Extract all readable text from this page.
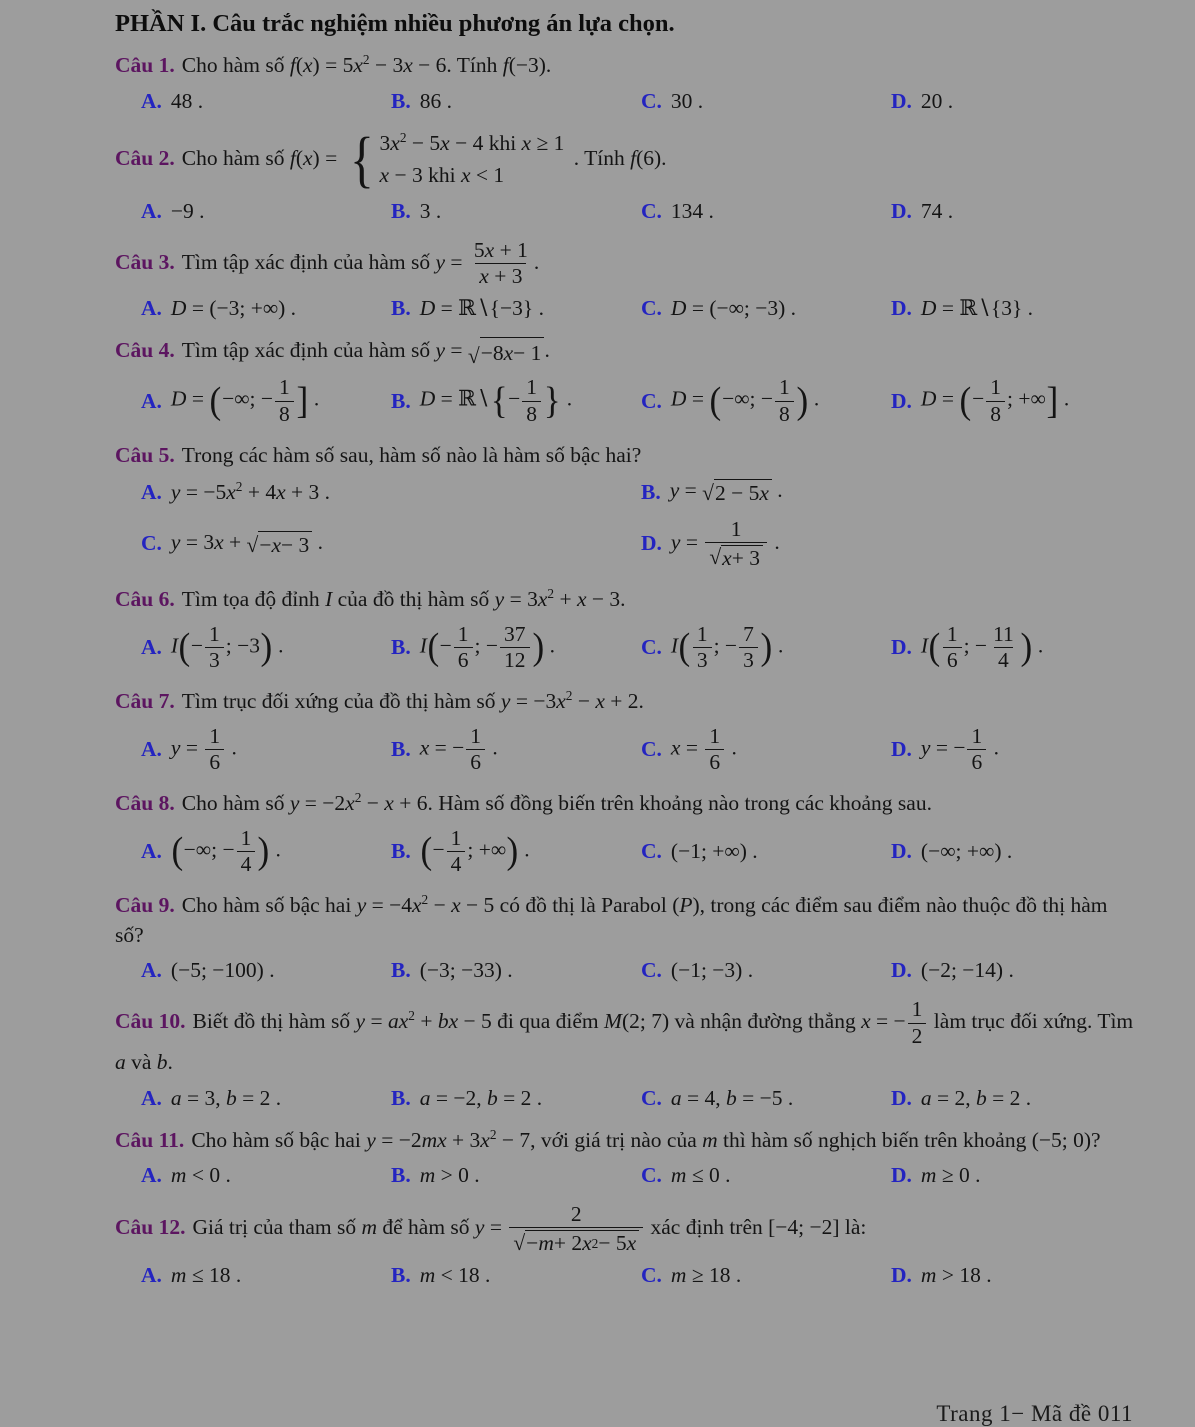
PHẦN I. Câu trắc nghiệm nhiều phương án lựa chọn.
Câu 1. Cho hàm số $f(x) = 5x^2 - 3x - 6$. Tính f(−3).
A. 48 .	B. 86 .	C. 30 .	D. 20 .
Câu 2. Cho hàm số f(x) = { $3x^2 - 5x - 4$ khi x ≥ 1
x − 3 khi x < 1
. Tính f(6).
A. −9 .	B. 3 .	C. 134 .	D. 74 .
Câu 3. Tìm tập xác định của hàm số $y = \frac{5x + 1}{x + 3}$ .
A. D = (−3; +∞) .	B. D = ℝ∖{−3} .	C. D = (−∞; −3) .	D. D = ℝ∖{3} .
Câu 4. Tìm tập xác định của hàm số y = √ −8 x − 1 .
A. D = (−∞; − $\frac{1}{8}$ ] .	B. D = ℝ∖{− $\frac{1}{8}$ } .	C. D = (−∞; − $\frac{1}{8}$ ) .	D. D = (− $\frac{1}{8}$ ; +∞] .
Câu 5. Trong các hàm số sau, hàm số nào là hàm số bậc hai?
A. $y = -5x^2 + 4x + 3$ .	B. y = √ 2 − 5 x .
C. y = 3x + √ − x − 3 .	D. $y = \frac{1}{√ x + 3}$ .
Câu 6. Tìm tọa độ đỉnh I của đồ thị hàm số $y = 3x^2 + x - 3$.
A. $I(- \frac{1}{3}$ ; −3) .	B. $I(- \frac{1}{6}$ ; − $\frac{37}{12}$ ) .	C. $I( \frac{1}{3}$ ; − $\frac{7}{3}$ ) .	D. $I( \frac{1}{6}$ ; − $\frac{11}{4}$ ) .
Câu 7. Tìm trục đối xứng của đồ thị hàm số $y = -3x^2 - x + 2$.
A. $y = \frac{1}{6}$ .	B. x = − $\frac{1}{6}$ .	C. $x = \frac{1}{6}$ .	D. y = − $\frac{1}{6}$ .
Câu 8. Cho hàm số $y = -2x^2 - x + 6$. Hàm số đồng biến trên khoảng nào trong các khoảng sau.
A. (−∞; − $\frac{1}{4}$ ) .	B. (− $\frac{1}{4}$ ; +∞) .	C. (−1; +∞) .	D. (−∞; +∞) .
Câu 9. Cho hàm số bậc hai $y = -4x^2 - x - 5$ có đồ thị là Parabol (P), trong các điểm sau điểm nào thuộc đồ thị hàm số?
A. (−5; −100) .	B. (−3; −33) .	C. (−1; −3) .	D. (−2; −14) .
Câu 10. Biết đồ thị hàm số $y = ax^2$ + bx − 5 đi qua điểm M(2; 7) và nhận đường thẳng x = − $\frac{1}{2}$ làm trục đối xứng. Tìm a và b.
A. a = 3, b = 2 .	B. a = −2, b = 2 .	C. a = 4, b = −5 .	D. a = 2, b = 2 .
Câu 11. Cho hàm số bậc hai $y = -2mx + 3x^2 - 7$, với giá trị nào của m thì hàm số nghịch biến trên khoảng (−5; 0)?
A. m < 0 .	B. m > 0 .	C. m ≤ 0 .	D. m ≥ 0 .
Câu 12. Giá trị của tham số m để hàm số $y = \frac{2}{√ - m + 2 x 2 - 5 x}$ xác định trên [−4; −2] là:
A. m ≤ 18 .	B. m < 18 .	C. m ≥ 18 .	D. m > 18 .
Trang 1− Mã đề 011
